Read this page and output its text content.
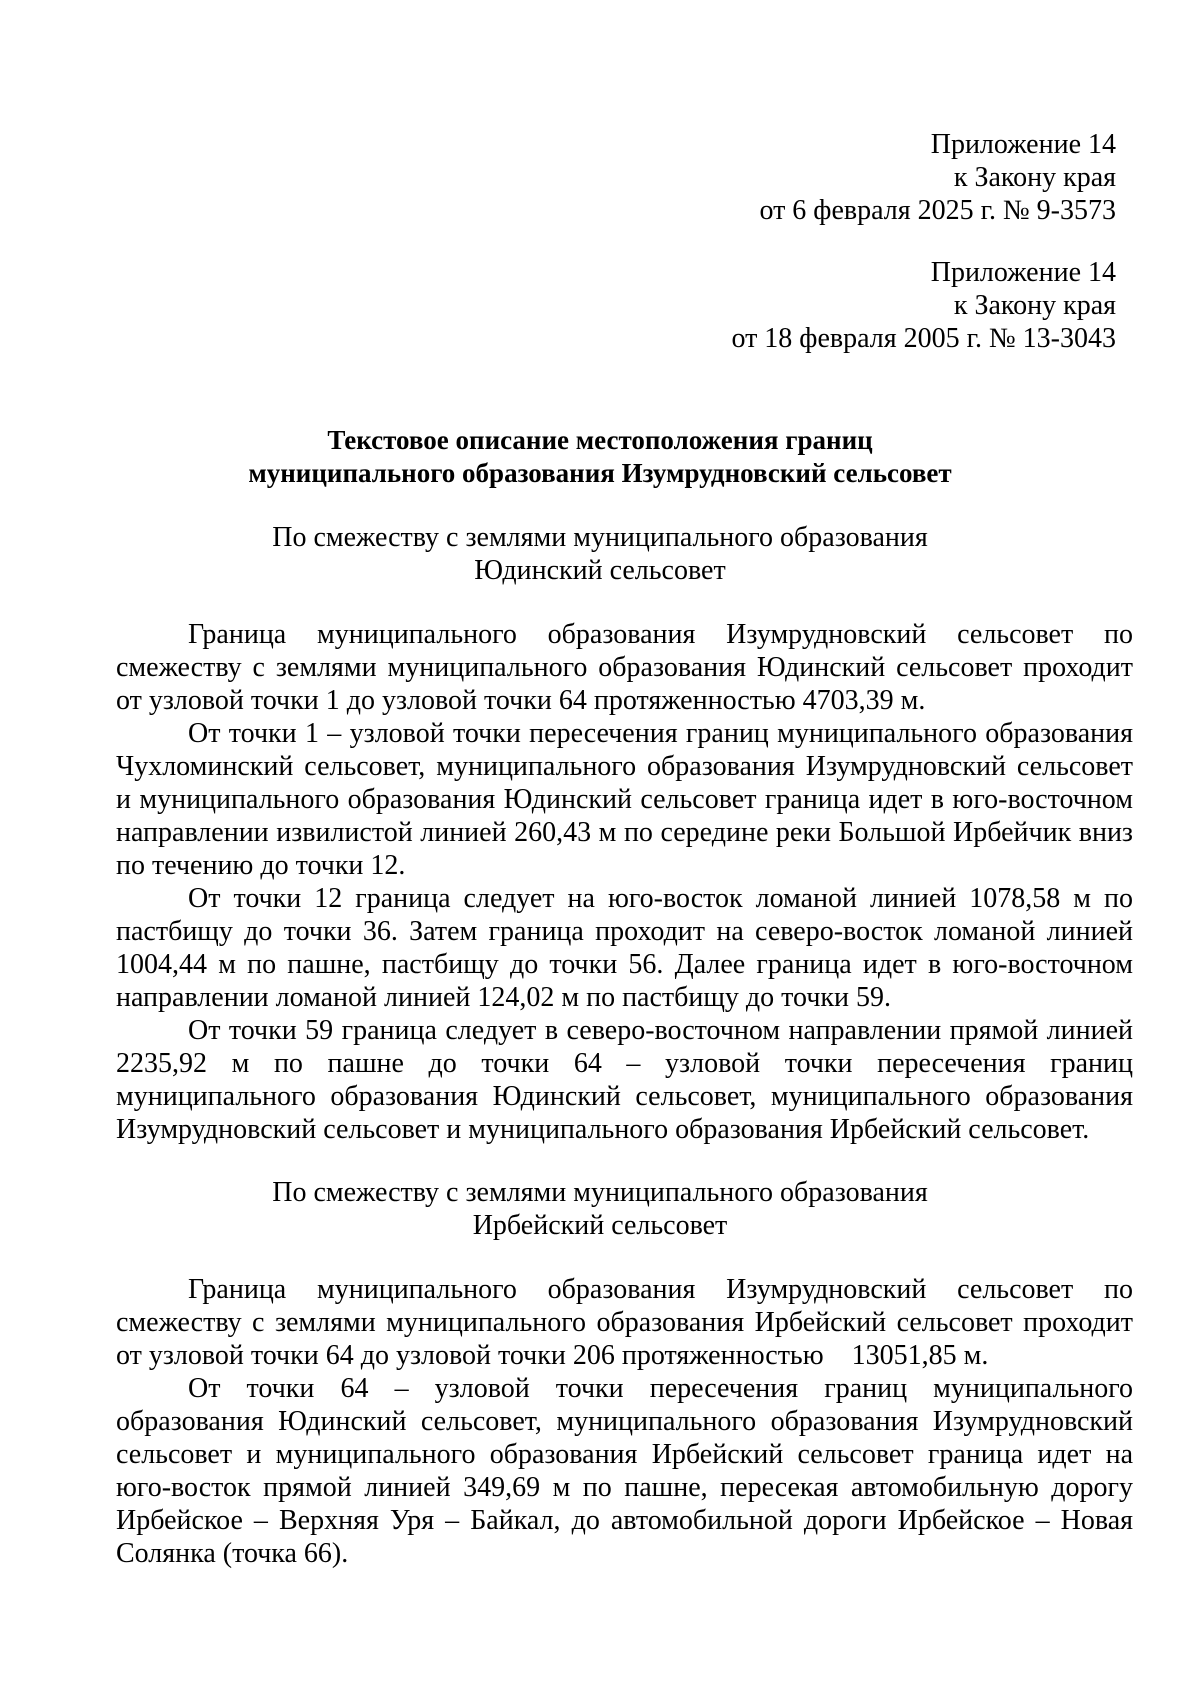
Приложение 14
к Закону края
от 6 февраля 2025 г. № 9-3573
Приложение 14
к Закону края
от 18 февраля 2005 г. № 13-3043
Текстовое описание местоположения границ
муниципального образования Изумрудновский сельсовет
По смежеству с землями муниципального образования
Юдинский сельсовет

Граница муниципального образования Изумрудновский сельсовет по смежеству с землями муниципального образования Юдинский сельсовет проходит от узловой точки 1 до узловой точки 64 протяженностью 4703,39 м.

От точки 1 – узловой точки пересечения границ муниципального образования Чухломинский сельсовет, муниципального образования Изумрудновский сельсовет и муниципального образования Юдинский сельсовет граница идет в юго-восточном направлении извилистой линией 260,43 м по середине реки Большой Ирбейчик вниз по течению до точки 12.

От точки 12 граница следует на юго-восток ломаной линией 1078,58 м по пастбищу до точки 36. Затем граница проходит на северо-восток ломаной линией 1004,44 м по пашне, пастбищу до точки 56. Далее граница идет в юго-восточном направлении ломаной линией 124,02 м по пастбищу до точки 59.

От точки 59 граница следует в северо-восточном направлении прямой линией 2235,92 м по пашне до точки 64 – узловой точки пересечения границ муниципального образования Юдинский сельсовет, муниципального образования Изумрудновский сельсовет и муниципального образования Ирбейский сельсовет.

По смежеству с землями муниципального образования
Ирбейский сельсовет

Граница муниципального образования Изумрудновский сельсовет по смежеству с землями муниципального образования Ирбейский сельсовет проходит от узловой точки 64 до узловой точки 206 протяженностью 13051,85 м.

От точки 64 – узловой точки пересечения границ муниципального образования Юдинский сельсовет, муниципального образования Изумрудновский сельсовет и муниципального образования Ирбейский сельсовет граница идет на юго-восток прямой линией 349,69 м по пашне, пересекая автомобильную дорогу Ирбейское – Верхняя Уря – Байкал, до автомобильной дороги Ирбейское – Новая Солянка (точка 66).
